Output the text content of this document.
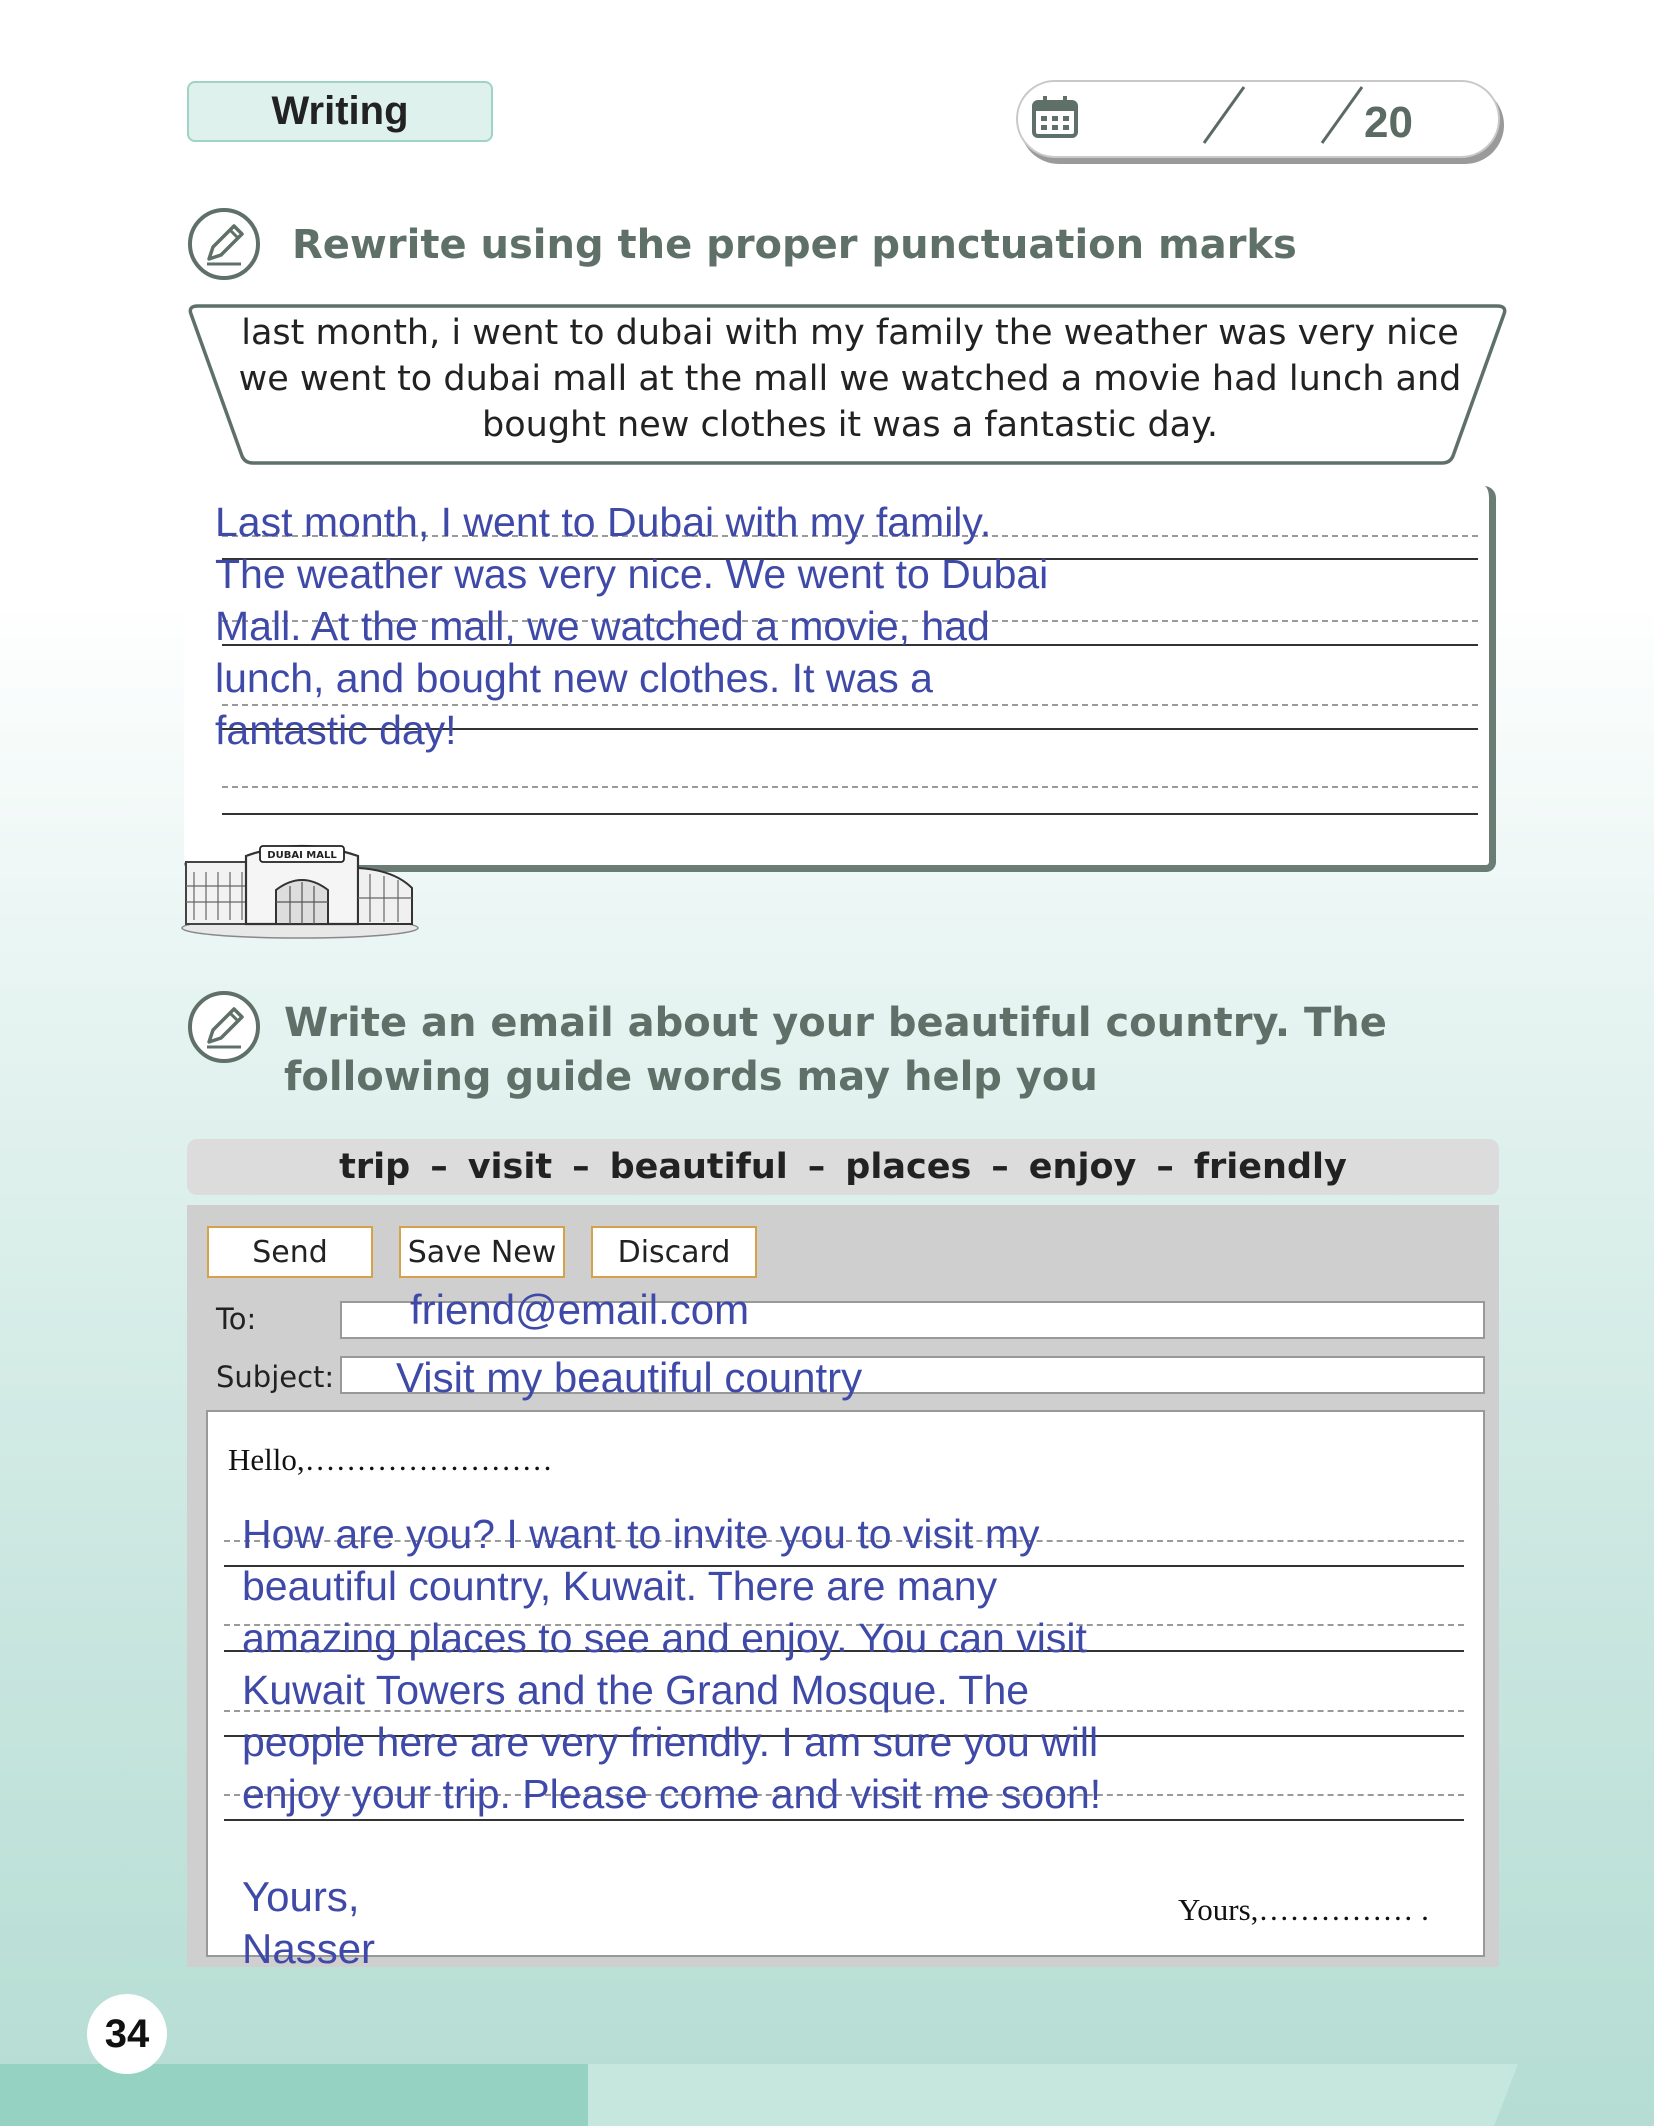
Writing	20
Rewrite using the proper punctuation marks
last month, i went to dubai with my family the weather was very nice we went to dubai mall at the mall we watched a movie had lunch and bought new clothes it was a fantastic day.
Last month, I went to Dubai with my family.
The weather was very nice. We went to Dubai
Mall. At the mall, we watched a movie, had
lunch, and bought new clothes. It was a
fantastic day!
DUBAI MALL
Write an email about your beautiful country. The following guide words may help you
trip – visit – beautiful – places – enjoy – friendly
Send	Save New	Discard
To:	friend@email.com
Subject: Visit my beautiful country
Hello,……………………
How are you? I want to invite you to visit my
beautiful country, Kuwait. There are many
amazing places to see and enjoy. You can visit
Kuwait Towers and the Grand Mosque. The
people here are very friendly. I am sure you will
enjoy your trip. Please come and visit me soon!
Yours,…………… .
Yours,
Nasser
34
